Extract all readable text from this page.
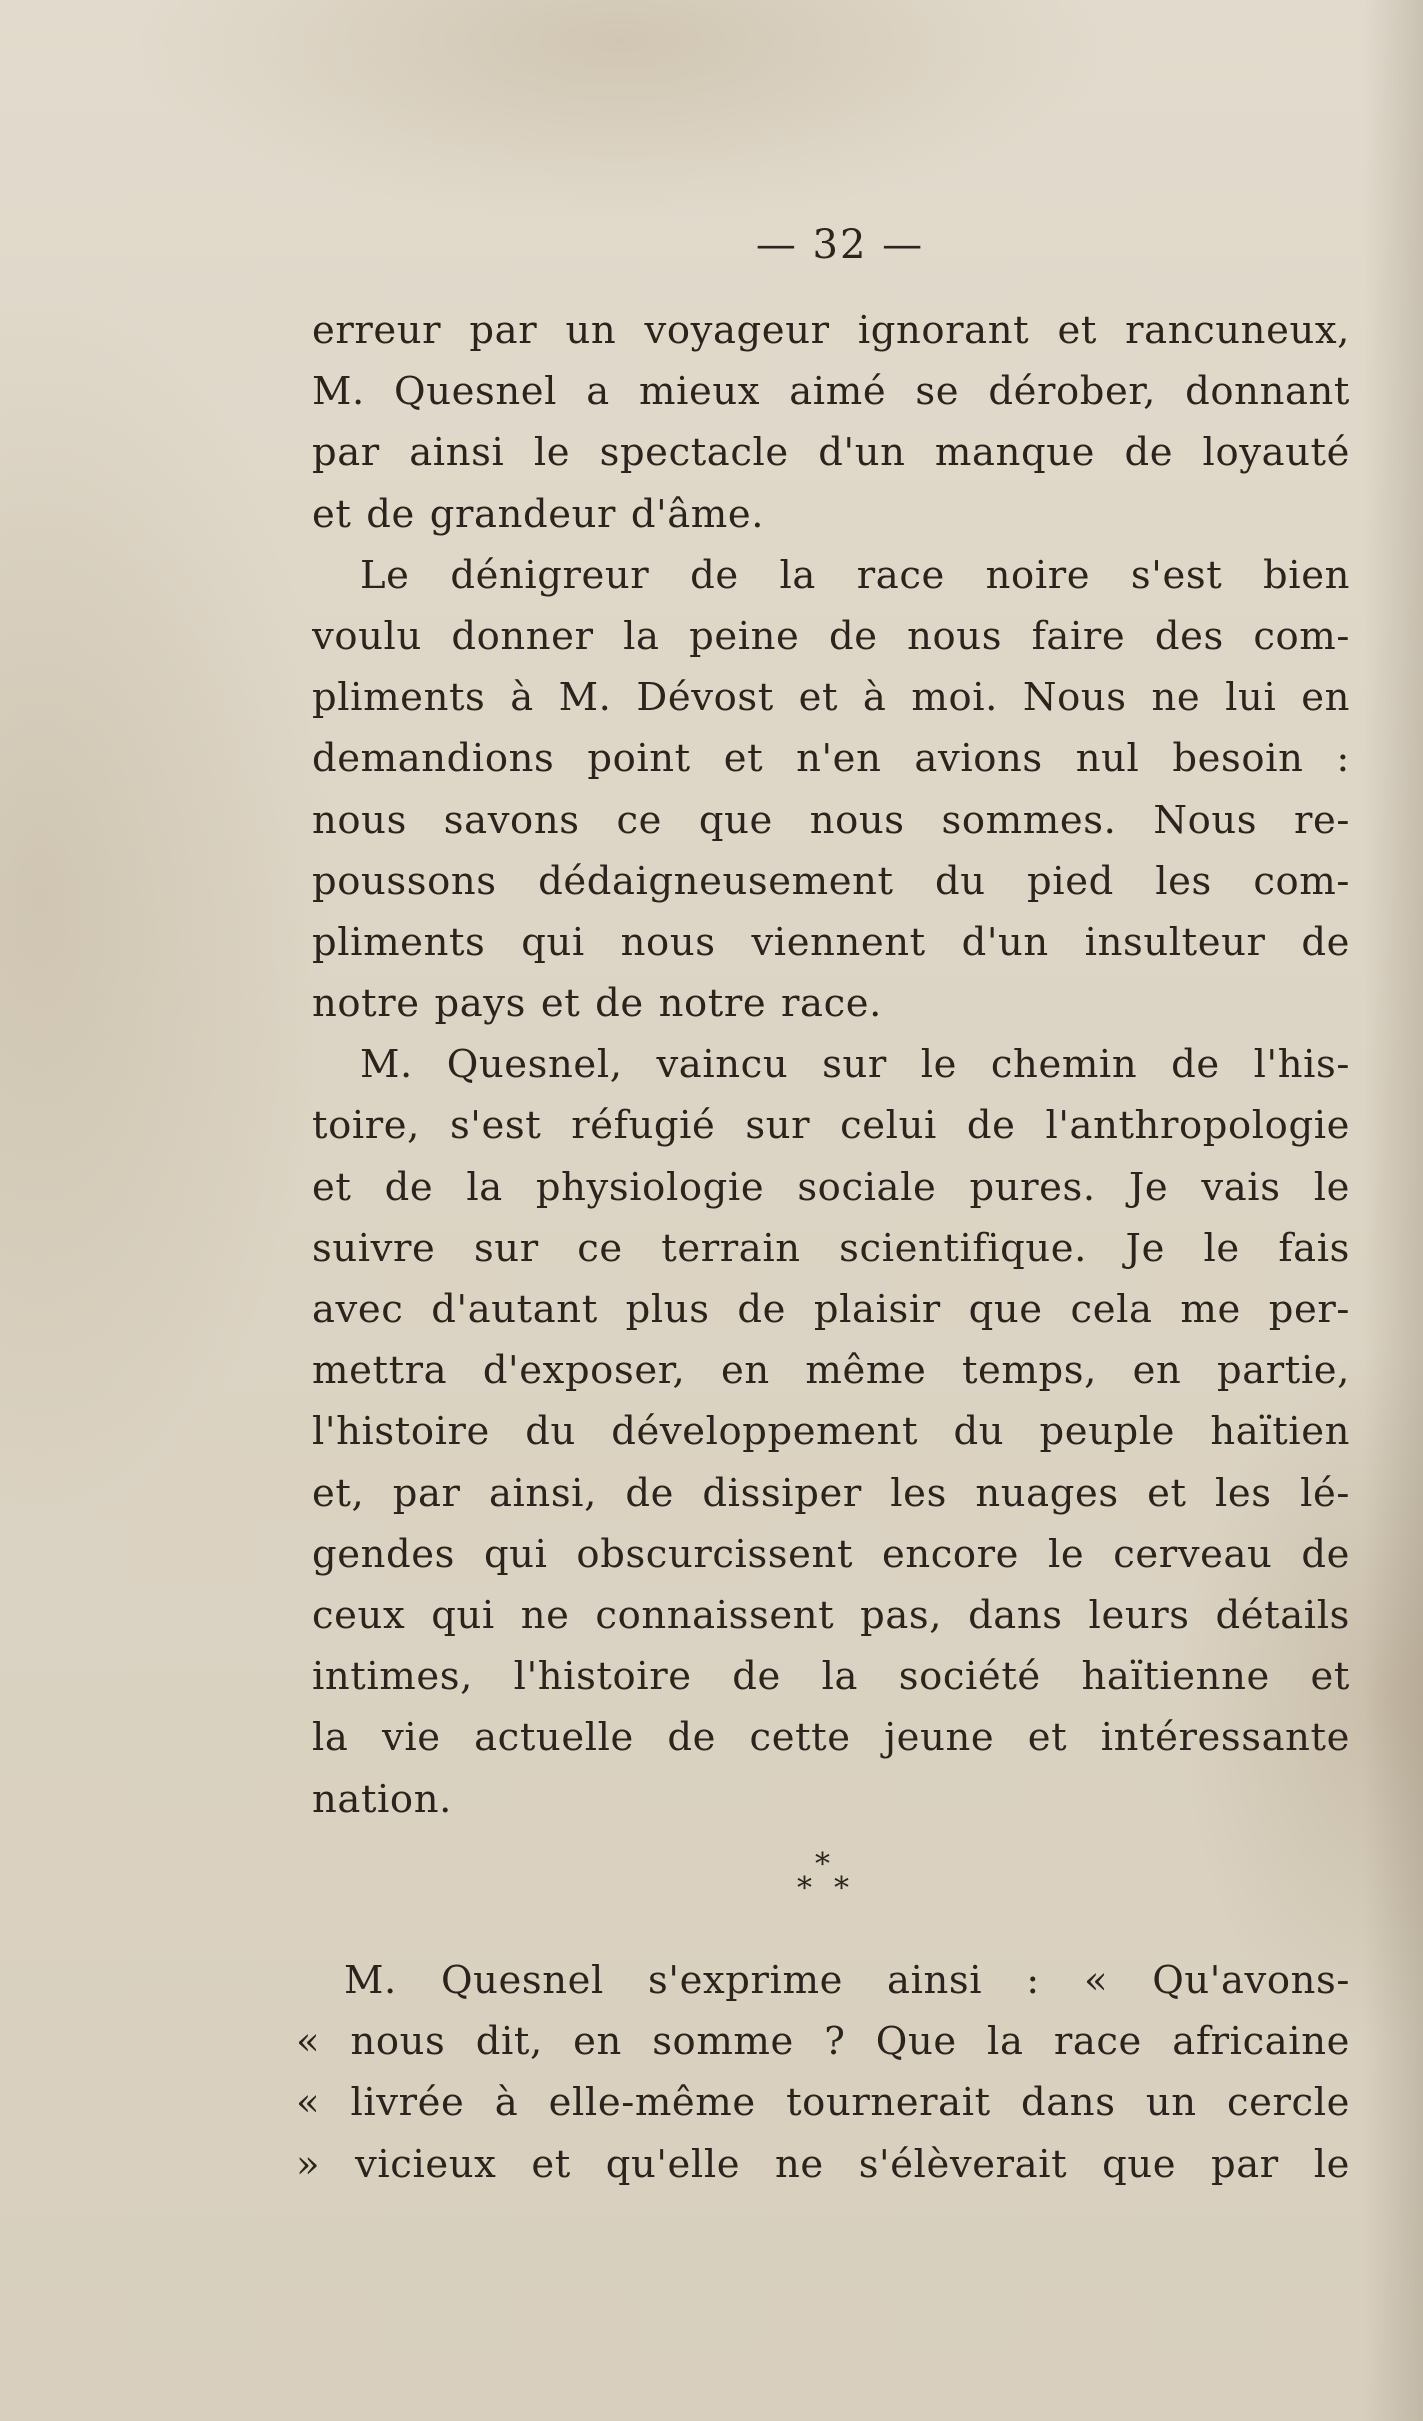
— 32 —
erreur par un voyageur ignorant et rancuneux,
M. Quesnel a mieux aimé se dérober, donnant
par ainsi le spectacle d'un manque de loyauté
et de grandeur d'âme.
Le dénigreur de la race noire s'est bien
voulu donner la peine de nous faire des com-
pliments à M. Dévost et à moi. Nous ne lui en
demandions point et n'en avions nul besoin :
nous savons ce que nous sommes. Nous re-
poussons dédaigneusement du pied les com-
pliments qui nous viennent d'un insulteur de
notre pays et de notre race.
M. Quesnel, vaincu sur le chemin de l'his-
toire, s'est réfugié sur celui de l'anthropologie
et de la physiologie sociale pures. Je vais le
suivre sur ce terrain scientifique. Je le fais
avec d'autant plus de plaisir que cela me per-
mettra d'exposer, en même temps, en partie,
l'histoire du développement du peuple haïtien
et, par ainsi, de dissiper les nuages et les lé-
gendes qui obscurcissent encore le cerveau de
ceux qui ne connaissent pas, dans leurs détails
intimes, l'histoire de la société haïtienne et
la vie actuelle de cette jeune et intéressante
nation.
*
* *
M. Quesnel s'exprime ainsi : « Qu'avons-
« nous dit, en somme ? Que la race africaine
« livrée à elle-même tournerait dans un cercle
» vicieux et qu'elle ne s'élèverait que par le
